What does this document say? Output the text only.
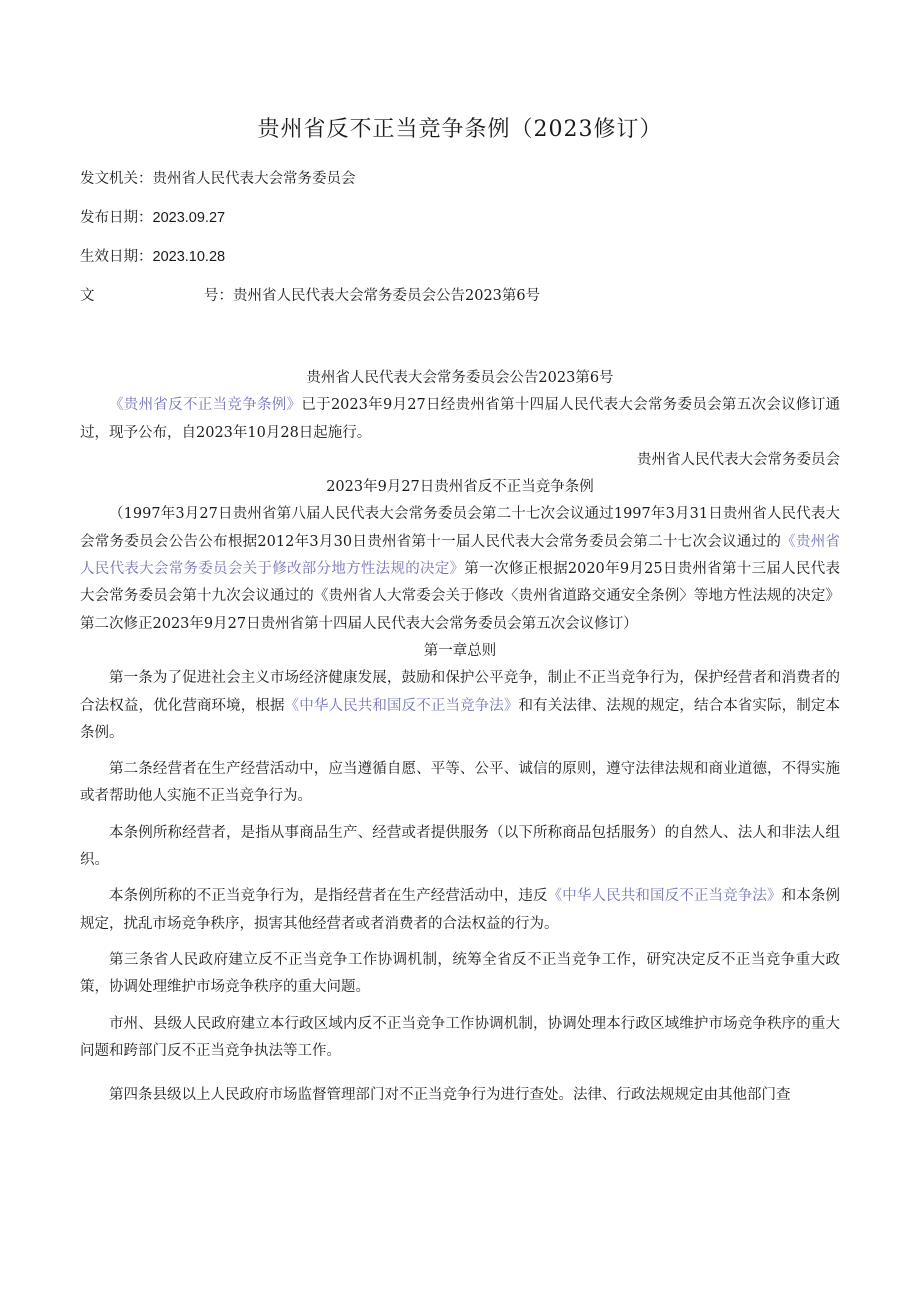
贵州省反不正当竞争条例（2023修订）
发文机关：贵州省人民代表大会常务委员会
发布日期：2023.09.27
生效日期：2023.10.28
文	号：贵州省人民代表大会常务委员会公告2023第6号

贵州省人民代表大会常务委员会公告2023第6号

《贵州省反不正当竞争条例》已于2023年9月27日经贵州省第十四届人民代表大会常务委员会第五次会议修订通过，现予公布，自2023年10月28日起施行。

贵州省人民代表大会常务委员会

2023年9月27日贵州省反不正当竞争条例

（1997年3月27日贵州省第八届人民代表大会常务委员会第二十七次会议通过1997年3月31日贵州省人民代表大会常务委员会公告公布根据2012年3月30日贵州省第十一届人民代表大会常务委员会第二十七次会议通过的《贵州省人民代表大会常务委员会关于修改部分地方性法规的决定》第一次修正根据2020年9月25日贵州省第十三届人民代表大会常务委员会第十九次会议通过的《贵州省人大常委会关于修改〈贵州省道路交通安全条例〉等地方性法规的决定》第二次修正2023年9月27日贵州省第十四届人民代表大会常务委员会第五次会议修订）

第一章总则

第一条为了促进社会主义市场经济健康发展，鼓励和保护公平竞争，制止不正当竞争行为，保护经营者和消费者的合法权益，优化营商环境，根据《中华人民共和国反不正当竞争法》和有关法律、法规的规定，结合本省实际，制定本条例。

第二条经营者在生产经营活动中，应当遵循自愿、平等、公平、诚信的原则，遵守法律法规和商业道德，不得实施或者帮助他人实施不正当竞争行为。

本条例所称经营者，是指从事商品生产、经营或者提供服务（以下所称商品包括服务）的自然人、法人和非法人组织。

本条例所称的不正当竞争行为，是指经营者在生产经营活动中，违反《中华人民共和国反不正当竞争法》和本条例规定，扰乱市场竞争秩序，损害其他经营者或者消费者的合法权益的行为。

第三条省人民政府建立反不正当竞争工作协调机制，统筹全省反不正当竞争工作，研究决定反不正当竞争重大政策，协调处理维护市场竞争秩序的重大问题。

市州、县级人民政府建立本行政区域内反不正当竞争工作协调机制，协调处理本行政区域维护市场竞争秩序的重大问题和跨部门反不正当竞争执法等工作。

第四条县级以上人民政府市场监督管理部门对不正当竞争行为进行查处。法律、行政法规规定由其他部门查
